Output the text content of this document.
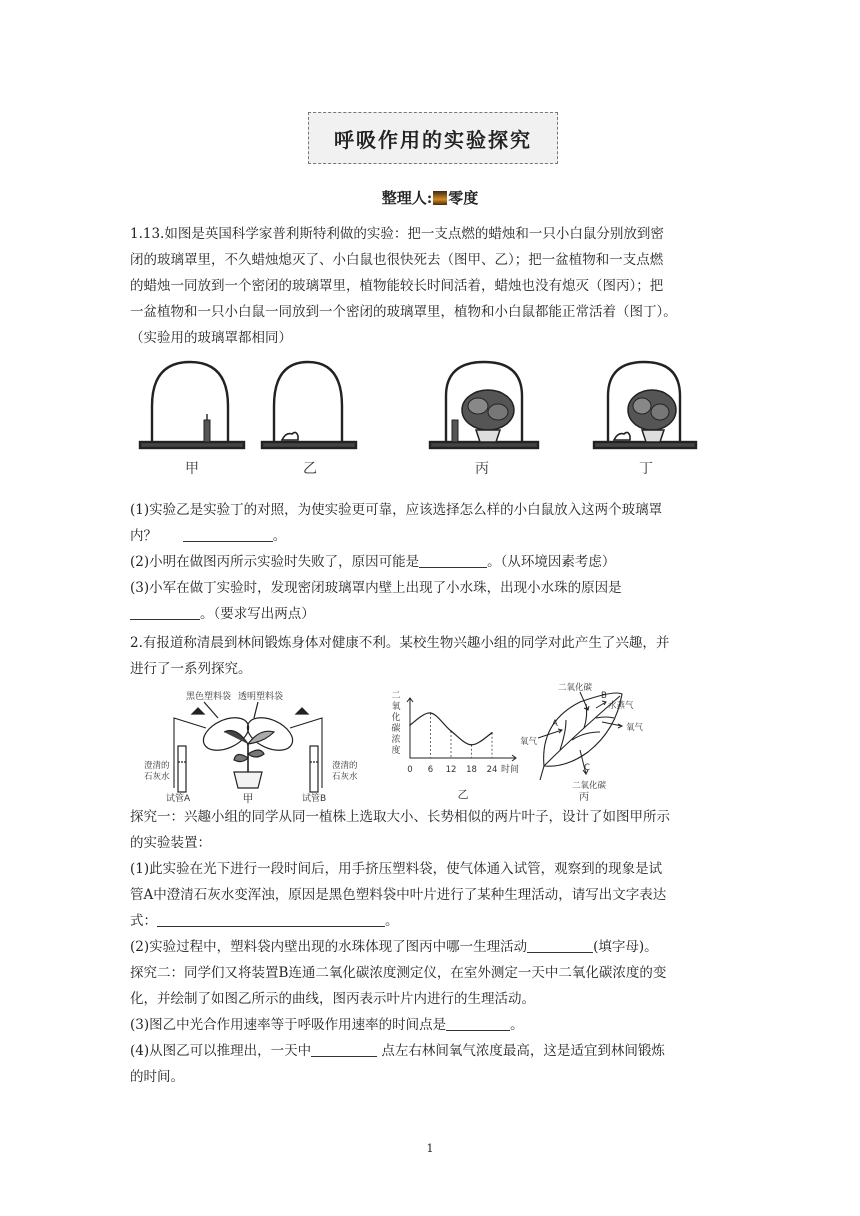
呼吸作用的实验探究
整理人: 零度
1.13.如图是英国科学家普利斯特利做的实验：把一支点燃的蜡烛和一只小白鼠分别放到密
闭的玻璃罩里，不久蜡烛熄灭了、小白鼠也很快死去（图甲、乙）；把一盆植物和一支点燃
的蜡烛一同放到一个密闭的玻璃罩里，植物能较长时间活着，蜡烛也没有熄灭（图丙）；把
一盆植物和一只小白鼠一同放到一个密闭的玻璃罩里，植物和小白鼠都能正常活着（图丁）。
（实验用的玻璃罩都相同）
甲	乙	丙	丁
(1)实验乙是实验丁的对照，为使实验更可靠，应该选择怎么样的小白鼠放入这两个玻璃罩
内？	。
(2)小明在做图丙所示实验时失败了，原因可能是	。（从环境因素考虑）
(3)小军在做丁实验时，发现密闭玻璃罩内壁上出现了小水珠，出现小水珠的原因是
。（要求写出两点）
2.有报道称清晨到林间锻炼身体对健康不利。某校生物兴趣小组的同学对此产生了兴趣，并
进行了一系列探究。
黑色塑料袋 透明塑料袋
澄清的
石灰水
澄清的
石灰水
试管A	试管B
甲
二
氧
化
碳
浓
度
0 6 12 18 24 时间
乙
二氧化碳
B
水蒸气
氧气
A
氧气
C
二氧化碳
丙
探究一：兴趣小组的同学从同一植株上选取大小、长势相似的两片叶子，设计了如图甲所示
的实验装置：
(1)此实验在光下进行一段时间后，用手挤压塑料袋，使气体通入试管，观察到的现象是试
管A中澄清石灰水变浑浊，原因是黑色塑料袋中叶片进行了某种生理活动，请写出文字表达
式：	。
(2)实验过程中，塑料袋内壁出现的水珠体现了图丙中哪一生理活动	(填字母)。
探究二：同学们又将装置B连通二氧化碳浓度测定仪，在室外测定一天中二氧化碳浓度的变
化，并绘制了如图乙所示的曲线，图丙表示叶片内进行的生理活动。
(3)图乙中光合作用速率等于呼吸作用速率的时间点是	。
(4)从图乙可以推理出，一天中	点左右林间氧气浓度最高，这是适宜到林间锻炼
的时间。
1
